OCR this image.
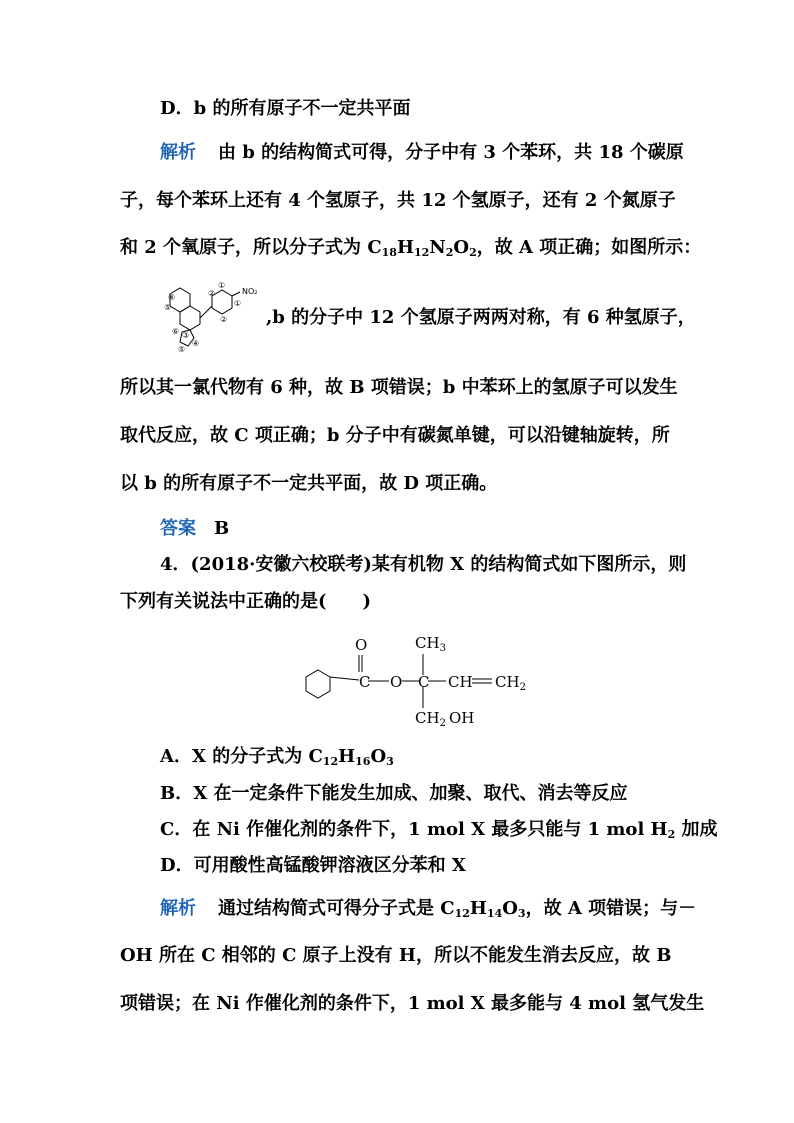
D．b 的所有原子不一定共平面
解析 由 b 的结构简式可得，分子中有 3 个苯环，共 18 个碳原
子，每个苯环上还有 4 个氢原子，共 12 个氢原子，还有 2 个氮原子
和 2 个氧原子，所以分子式为 $C_{18}H_{12}N_2O_2$，故 A 项正确；如图所示：
④
⑤
③
④
⑥
⑤
①
②
①
②
NO₂
,b 的分子中 12 个氢原子两两对称，有 6 种氢原子，
所以其一氯代物有 6 种，故 B 项错误；b 中苯环上的氢原子可以发生
取代反应，故 C 项正确；b 分子中有碳氮单键，可以沿键轴旋转，所
以 b 的所有原子不一定共平面，故 D 项正确。
答案 B
4．(2018·安徽六校联考)某有机物 X 的结构简式如下图所示，则
下列有关说法中正确的是(　　)
O
C O C
$CH_3$
CH $CH_2$
$CH_2$ OH
A．X 的分子式为 $C_{12}H_{16}O_3$
B．X 在一定条件下能发生加成、加聚、取代、消去等反应
C．在 Ni 作催化剂的条件下，1 mol X 最多只能与 1 mol $H_2$ 加成
D．可用酸性高锰酸钾溶液区分苯和 X
解析 通过结构简式可得分子式是 $C_{12}H_{14}O_3$，故 A 项错误；与－
OH 所在 C 相邻的 C 原子上没有 H，所以不能发生消去反应，故 B
项错误；在 Ni 作催化剂的条件下，1 mol X 最多能与 4 mol 氢气发生
